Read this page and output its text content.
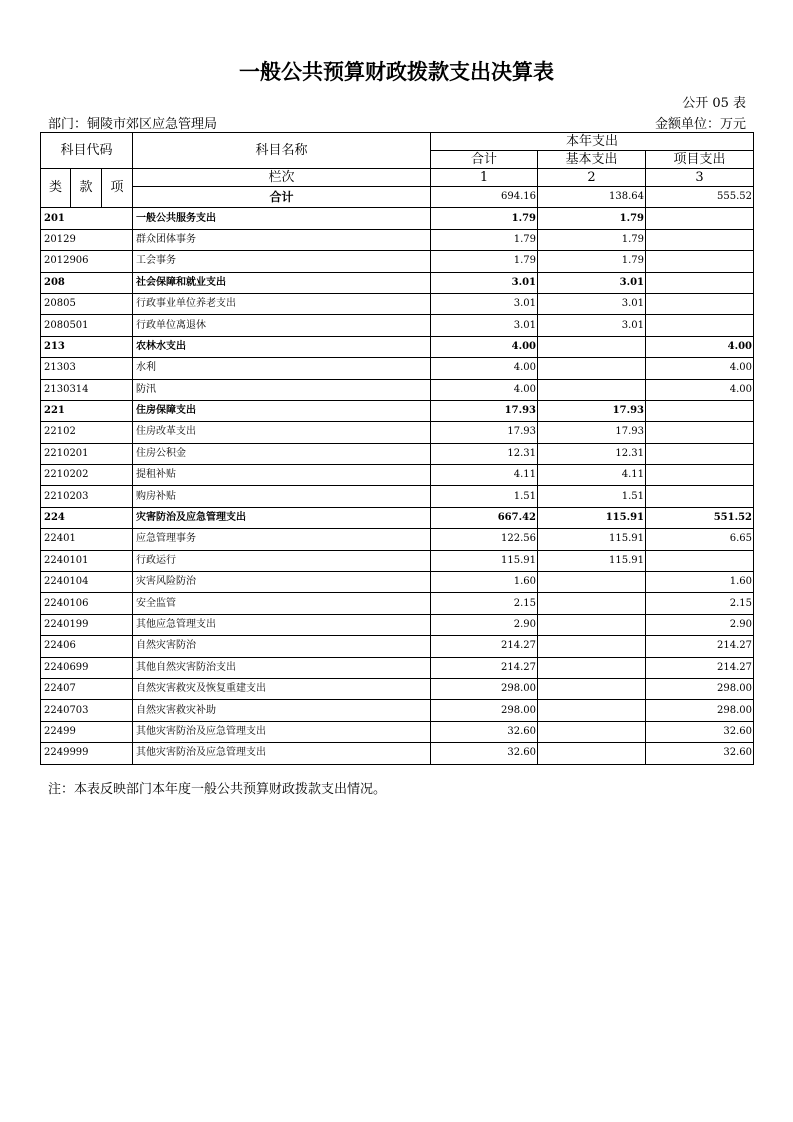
一般公共预算财政拨款支出决算表
公开 05 表
部门：铜陵市郊区应急管理局	金额单位：万元
科目代码			科目名称	本年支出		
				合计	基本支出	项目支出
类	款	项	栏次	1	2	3
			合计	694.16	138.64	555.52
201			一般公共服务支出	1.79	1.79	
20129			群众团体事务	1.79	1.79	
2012906			工会事务	1.79	1.79	
208			社会保障和就业支出	3.01	3.01	
20805			行政事业单位养老支出	3.01	3.01	
2080501			行政单位离退休	3.01	3.01	
213			农林水支出	4.00		4.00
21303			水利	4.00		4.00
2130314			防汛	4.00		4.00
221			住房保障支出	17.93	17.93	
22102			住房改革支出	17.93	17.93	
2210201			住房公积金	12.31	12.31	
2210202			提租补贴	4.11	4.11	
2210203			购房补贴	1.51	1.51	
224			灾害防治及应急管理支出	667.42	115.91	551.52
22401			应急管理事务	122.56	115.91	6.65
2240101			行政运行	115.91	115.91	
2240104			灾害风险防治	1.60		1.60
2240106			安全监管	2.15		2.15
2240199			其他应急管理支出	2.90		2.90
22406			自然灾害防治	214.27		214.27
2240699			其他自然灾害防治支出	214.27		214.27
22407			自然灾害救灾及恢复重建支出	298.00		298.00
2240703			自然灾害救灾补助	298.00		298.00
22499			其他灾害防治及应急管理支出	32.60		32.60
2249999			其他灾害防治及应急管理支出	32.60		32.60
注：本表反映部门本年度一般公共预算财政拨款支出情况。
